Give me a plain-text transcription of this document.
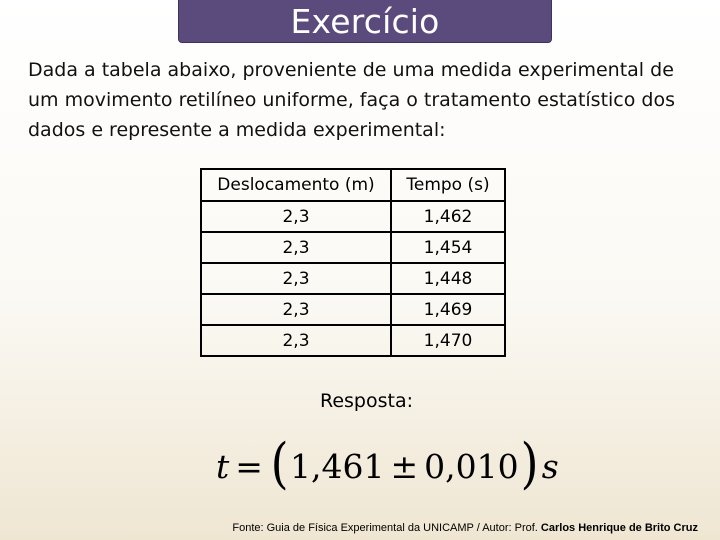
Exercício
Dada a tabela abaixo, proveniente de uma medida experimental de um movimento retilíneo uniforme, faça o tratamento estatístico dos dados e represente a medida experimental:
Deslocamento (m)	Tempo (s)
2,3	1,462
2,3	1,454
2,3	1,448
2,3	1,469
2,3	1,470
Resposta:
t = ( 1,461 ± 0,010 ) s
Fonte: Guia de Física Experimental da UNICAMP / Autor: Prof. Carlos Henrique de Brito Cruz
